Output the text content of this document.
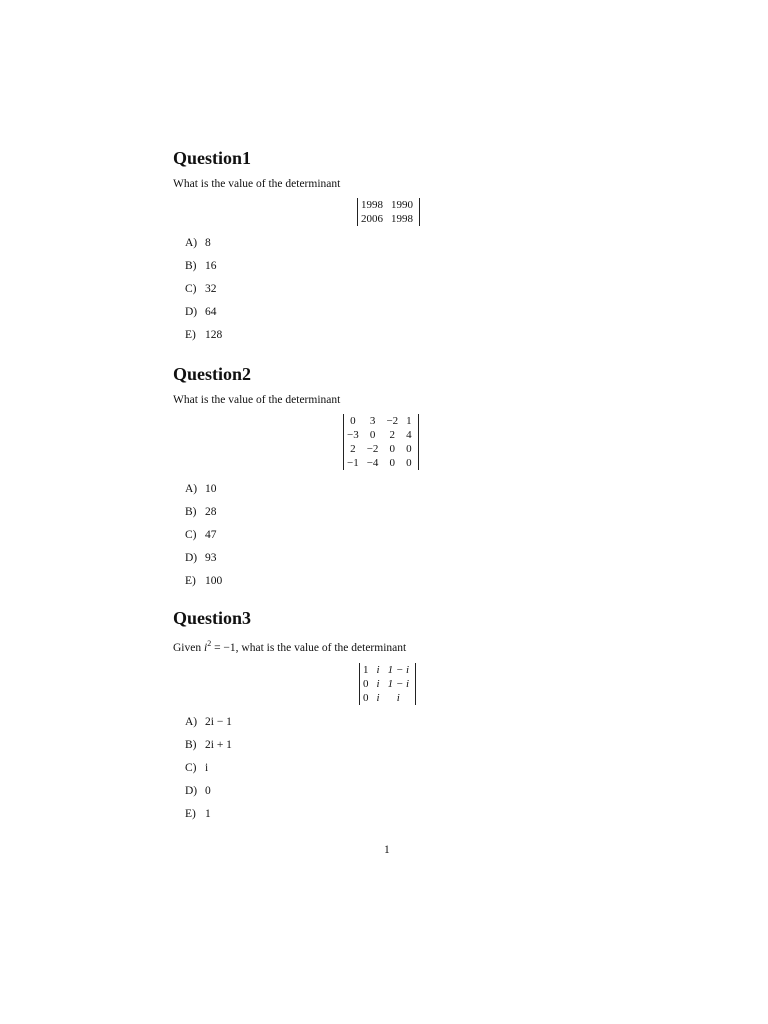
Question1
What is the value of the determinant
1998	1990
2006	1998
A) 8
B) 16
C) 32
D) 64
E) 128
Question2
What is the value of the determinant
0	3	−2	1
−3	0	2	4
2	−2	0	0
−1	−4	0	0
A) 10
B) 28
C) 47
D) 93
E) 100
Question3
Given $i^2 = -1$, what is the value of the determinant
1	i	1 − i
0	i	1 − i
0	i	i
A) 2i − 1
B) 2i + 1
C) i
D) 0
E) 1
1
